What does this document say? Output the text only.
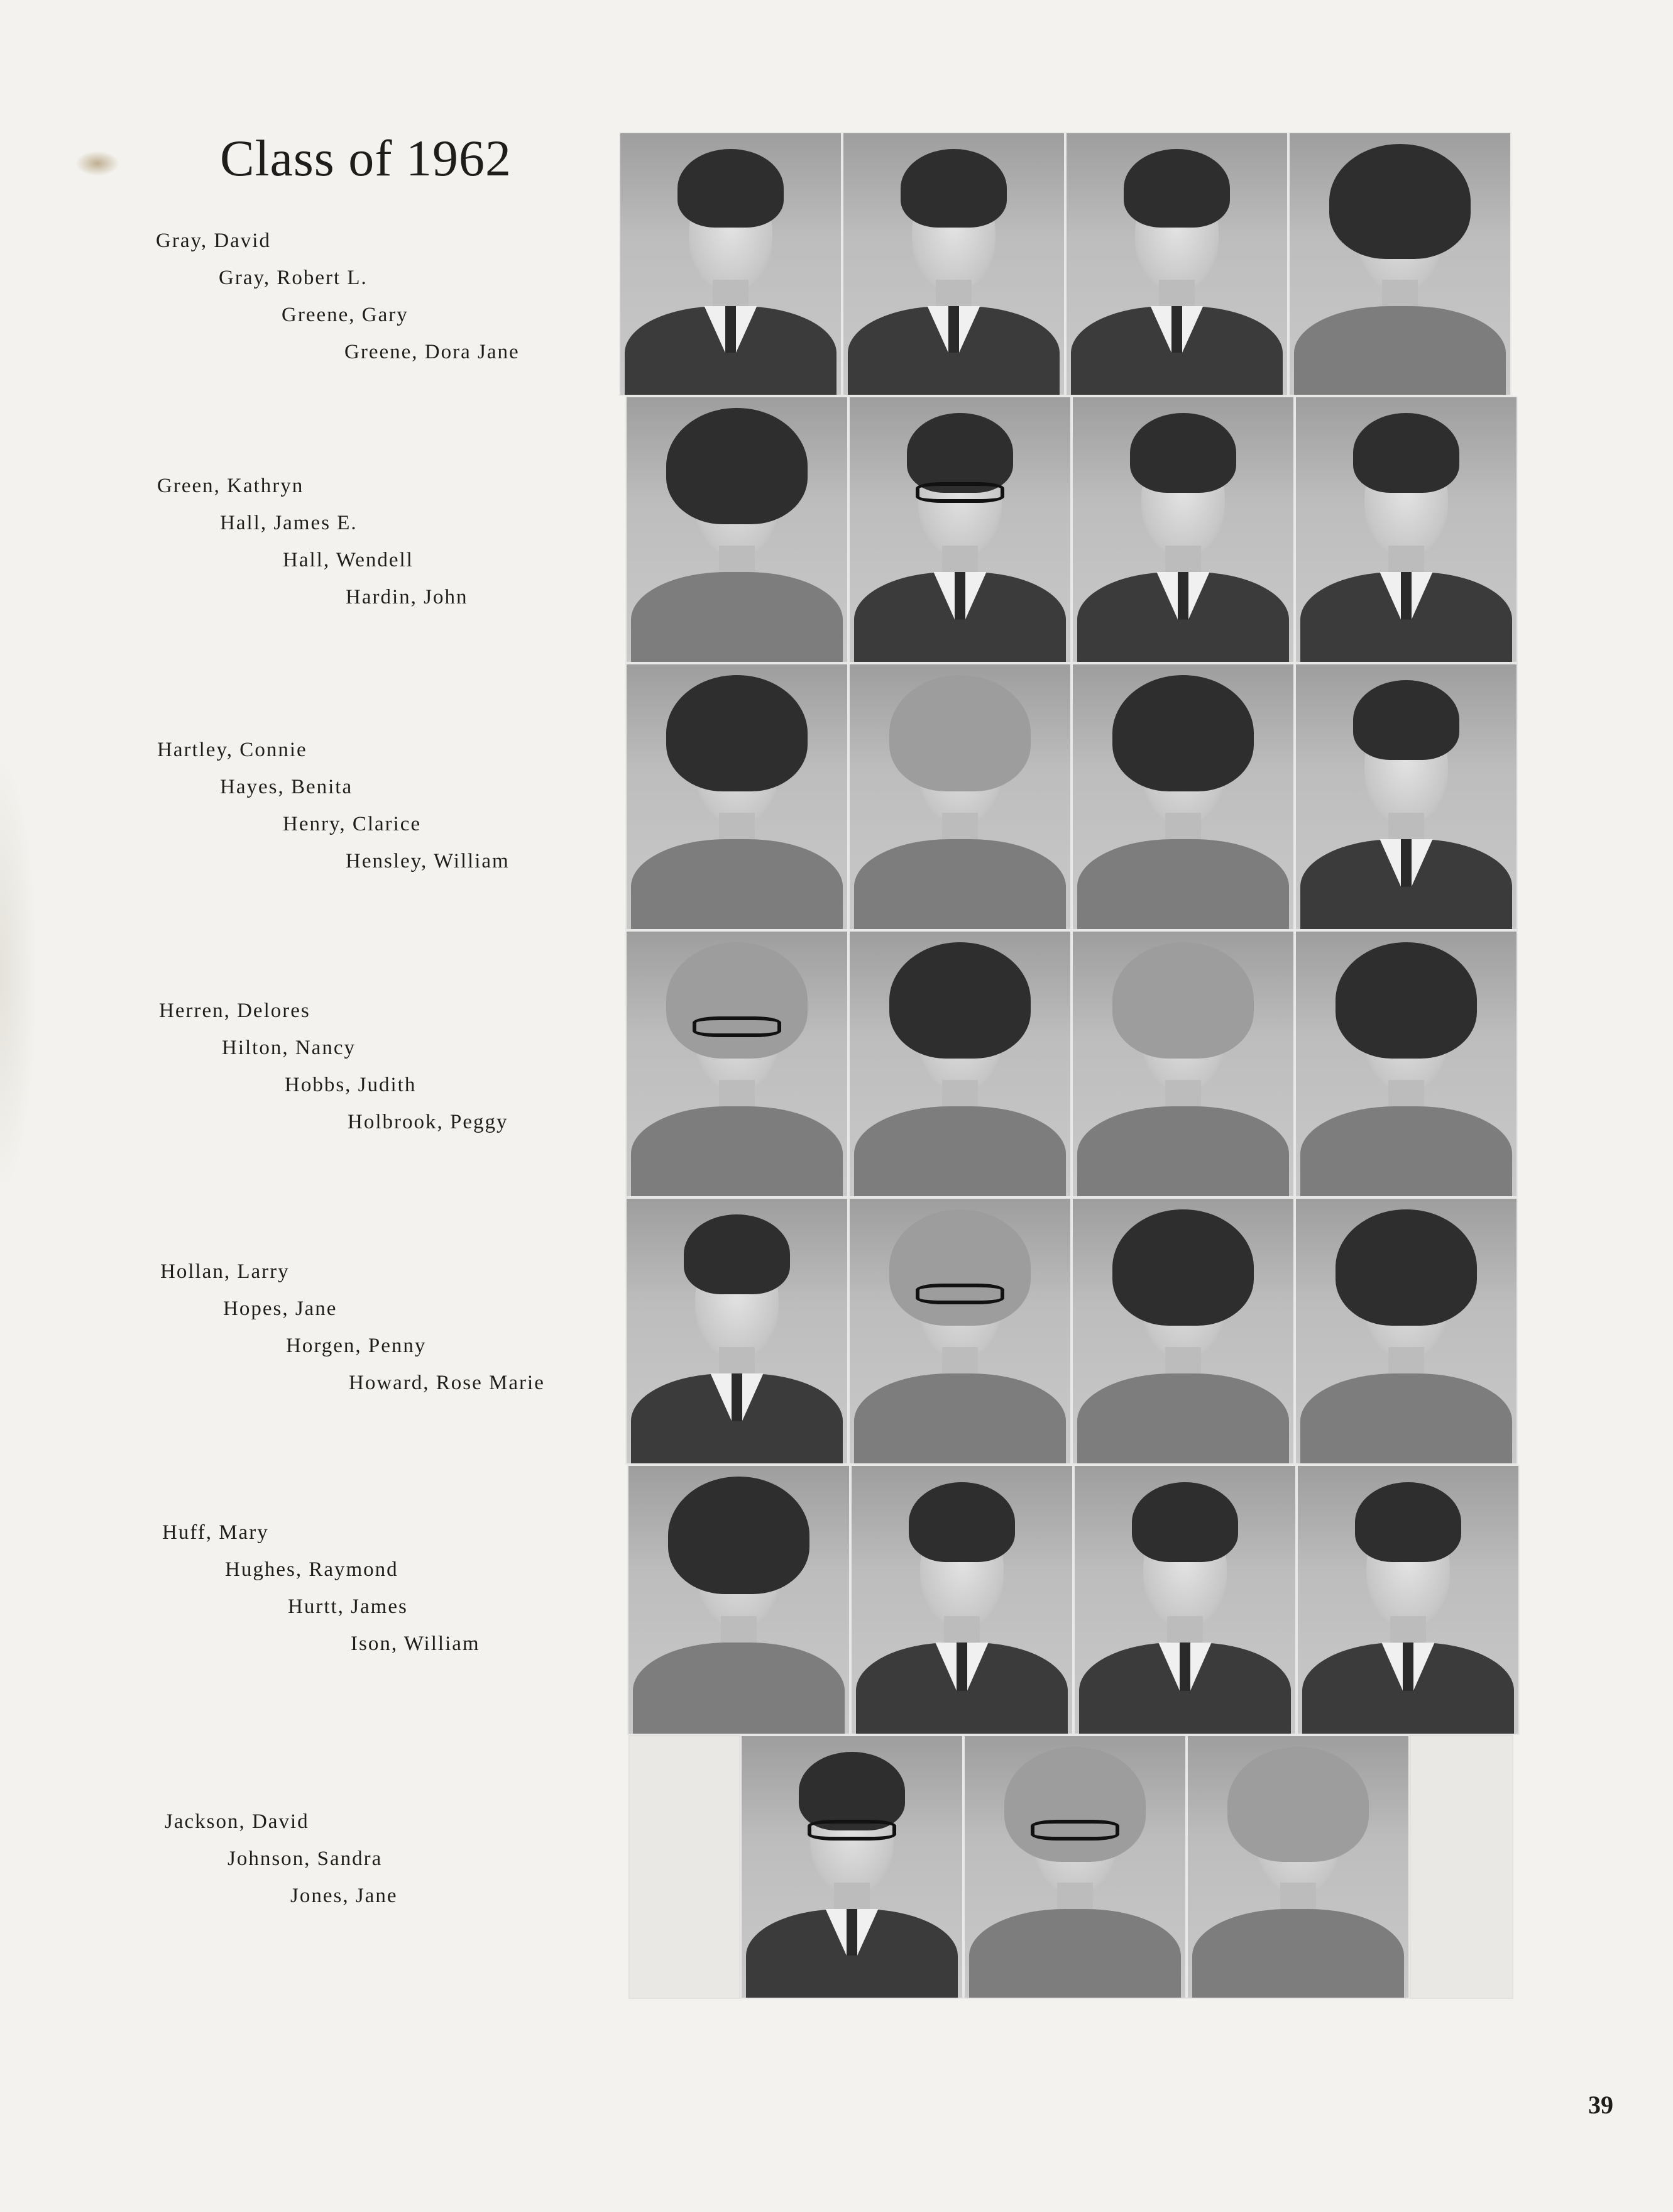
Class of 1962
Gray, David
Gray, Robert L.
Greene, Gary
Greene, Dora Jane
Green, Kathryn
Hall, James E.
Hall, Wendell
Hardin, John
Hartley, Connie
Hayes, Benita
Henry, Clarice
Hensley, William
Herren, Delores
Hilton, Nancy
Hobbs, Judith
Holbrook, Peggy
Hollan, Larry
Hopes, Jane
Horgen, Penny
Howard, Rose Marie
Huff, Mary
Hughes, Raymond
Hurtt, James
Ison, William
Jackson, David
Johnson, Sandra
Jones, Jane
39
